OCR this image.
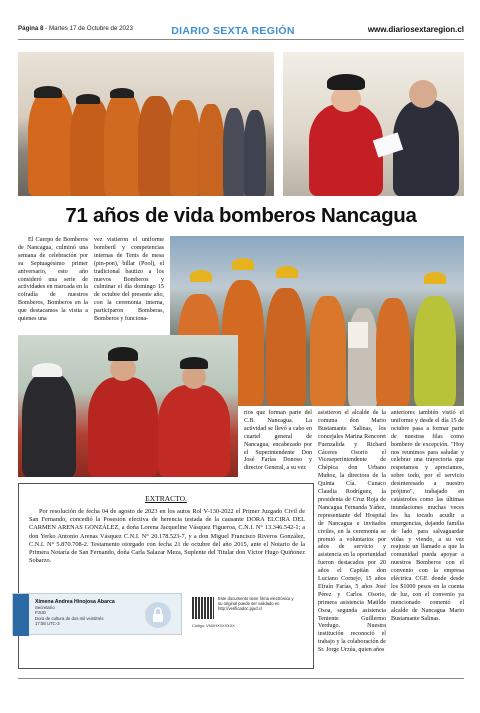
Página 8 - Martes 17 de Octubre de 2023	DIARIO SEXTA REGIÓN	www.diariosextaregion.cl
71 años de vida bomberos Nancagua

El Cuerpo de Bomberos de Nancagua, culminó una semana de celebración por su Septuagésimo primer aniversario, esto año consideró una serie de actividades en marcada en la cofradía de nuestros Bomberos, Bomberos en la que destacamos la visita a quienes una

vez vistieron el uniforme bomberil y competencias internas de Tenis de mesa (pin-pon), billar (Pool), el tradicional bautizo a los nuevos Bomberos y culminar el día domingo 15 de octubre del presente año, con la ceremonia interna, participaron Bomberas, Bomberos y funciona-

rios que forman parte del C.B. Nancagua. La actividad se llevó a cabo en cuartel general de Nancagua, encabezado por el Superintendente Don José Farías Donoso y director General, a su vez

asistieron el alcalde de la comuna don Mario Bustamante Salinas, los concejales Marina Rencoret Fuenzalida y Richard Cáceres Osorio el Viceseperintendente de Chépica don Urbano Muñoz, la directora de la Quinta Cía. Cunaco Claudia Rodríguez, la presidenta de Cruz Roja de Nancagua Fernanda Yáñez, representante del Hospital de Nancagua e invitados civiles, en la ceremonia se premió a voluntarios por años de servicio y asistencia en la oportunidad fueron destacados por 20 años el Capitán don Luciano Cornejo, 15 años Efraín Farías, 5 años José Pérez y Carlos Osorio, primera asistencia Matilde Osoa, segunda asistencia Teniente Guillermo Verdugo. Nuestra institución reconoció el trabajo y la colaboración de Sr. Jorge Urzúa, quien años

anteriores también vistió el uniforme y desde el día 15 de octubre pasa a formar parte de nuestras filas como bombero de excepción. "Hoy nos reunimos para saludar y celebrar una trayectoria que respetamos y apreciamos, sobre todo, por el servicio desinteresado a nuestro prójimo", trabajado en catástrofes como las últimas inundaciones muchas veces les ha tocado acudir a emergencias, dejando familia de lado para salvaguardar vidas y viendo, a su vez reajuste un llamado a que la comunidad pueda apoyar a nuestros Bomberos con el convenio con la empresa eléctrica CGE donde desde los $1000 pesos en la cuenta de luz, con el convenio ya mencionado comentó el alcalde de Nancagua Mario Bustamante Salinas.

EXTRACTO.
Por resolución de fecha 04 de agosto de 2023 en los autos Rol V-130-2022 el Primer Juzgado Civil de San Fernando, concedió la Posesión efectiva de herencia testada de la causante DORA ELCIRA DEL CARMEN ARENAS GONZÁLEZ, a doña Lorena Jacqueline Vásquez Figueroa, C.N.I. N° 13.346.542-1; a don Yerko Antonio Arenas Vásquez C.N.I. N° 20.178.523-7, y a don Miguel Francisco Riveros González, C.N.I. N° 5.870.708-2. Testamento otorgado con fecha 21 de octubre del año 2015, ante el Notario de la Primera Notaría de San Fernando, doña Carla Salazar Meza, Suplente del Titular don Víctor Hugo Quiñonez Sobarzo.
Ximena Andrea Hinojosa Abarca
Secretario
PJUD
Dora de cultura de dos mil veintitrés
17:58 UTC-3
Este documento tiene firma electrónica y su original puede ser validado en http://verificadoc.pjud.cl
Código: VMXHXXXXXXX
